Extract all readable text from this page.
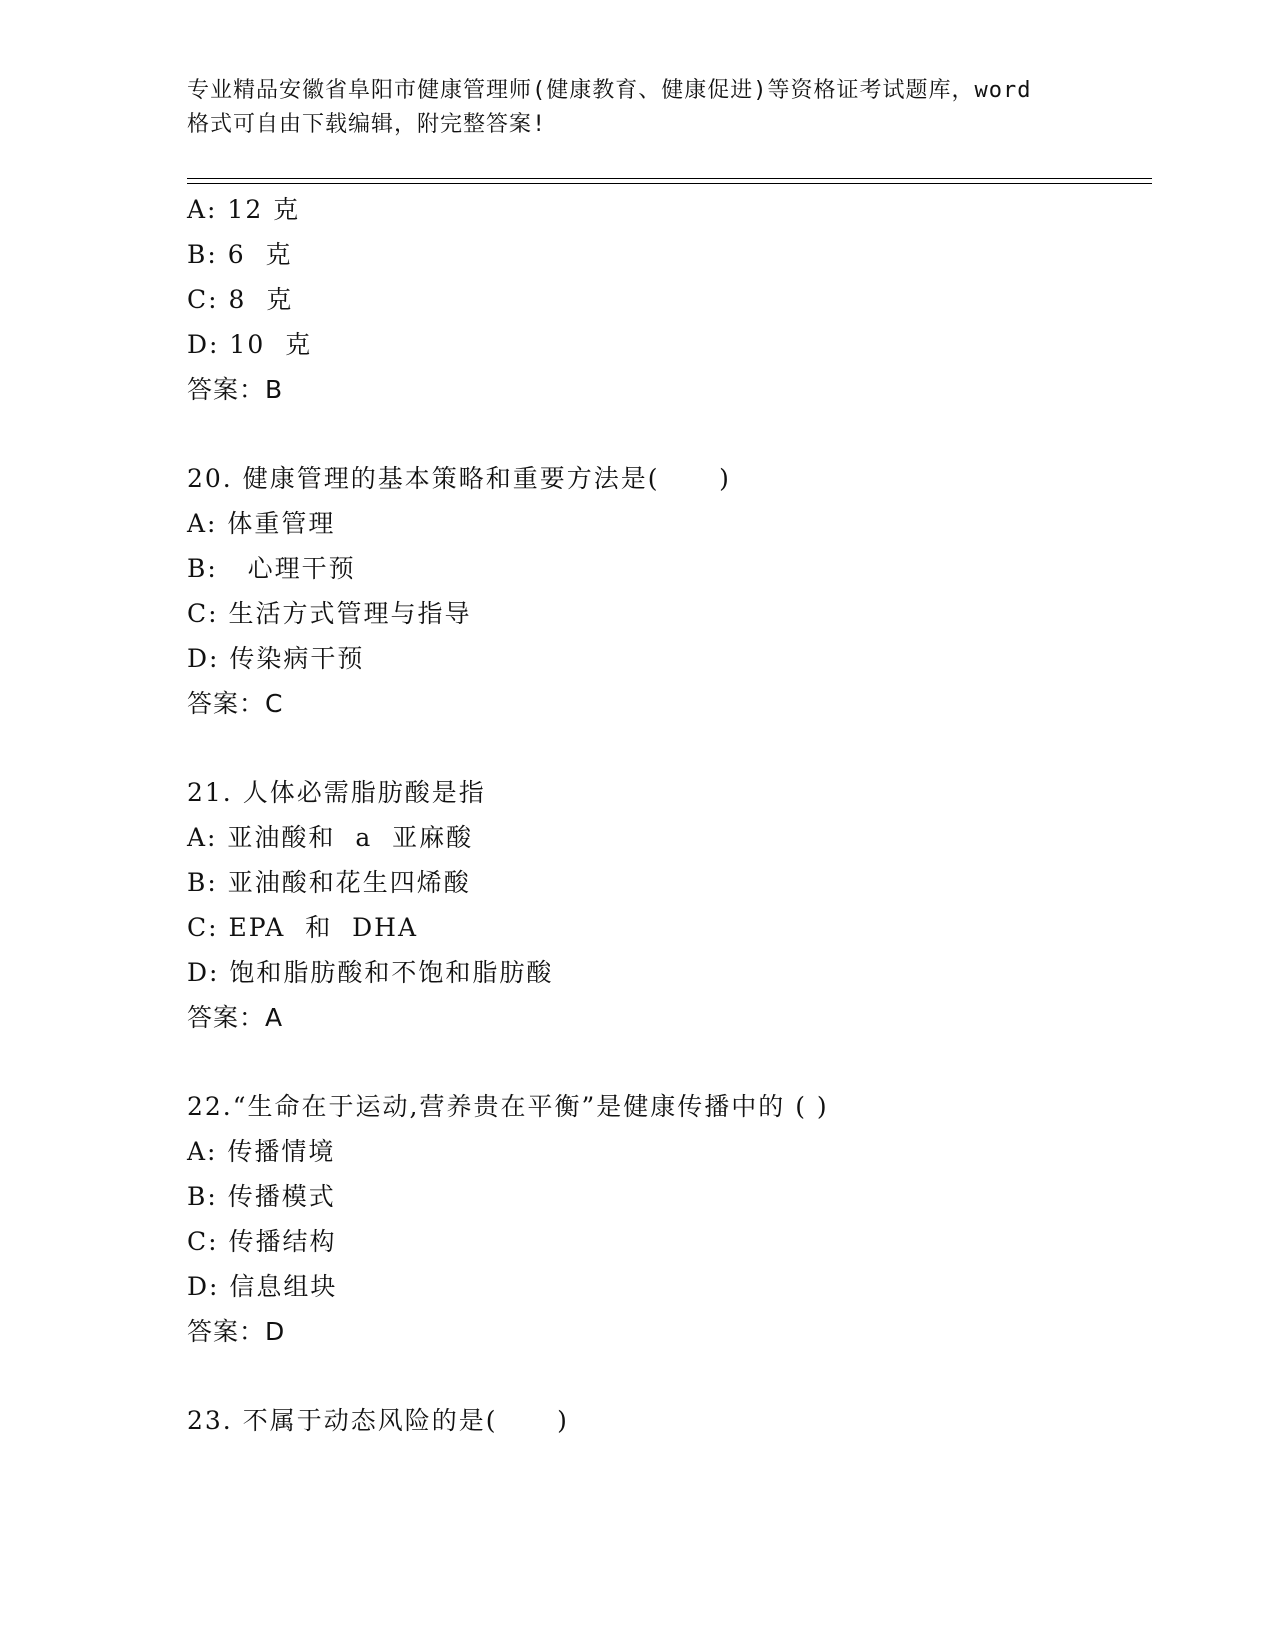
专业精品安徽省阜阳市健康管理师(健康教育、健康促进)等资格证考试题库，word
格式可自由下载编辑，附完整答案!
A: 12 克
B: 6  克
C: 8  克
D: 10  克
答案：B
20. 健康管理的基本策略和重要方法是(      )
A: 体重管理
B:   心理干预
C: 生活方式管理与指导
D: 传染病干预
答案：C
21. 人体必需脂肪酸是指
A: 亚油酸和  a  亚麻酸
B: 亚油酸和花生四烯酸
C: EPA  和  DHA
D: 饱和脂肪酸和不饱和脂肪酸
答案：A
22.“生命在于运动,营养贵在平衡”是健康传播中的 ( )
A: 传播情境
B: 传播模式
C: 传播结构
D: 信息组块
答案：D
23. 不属于动态风险的是(      )
